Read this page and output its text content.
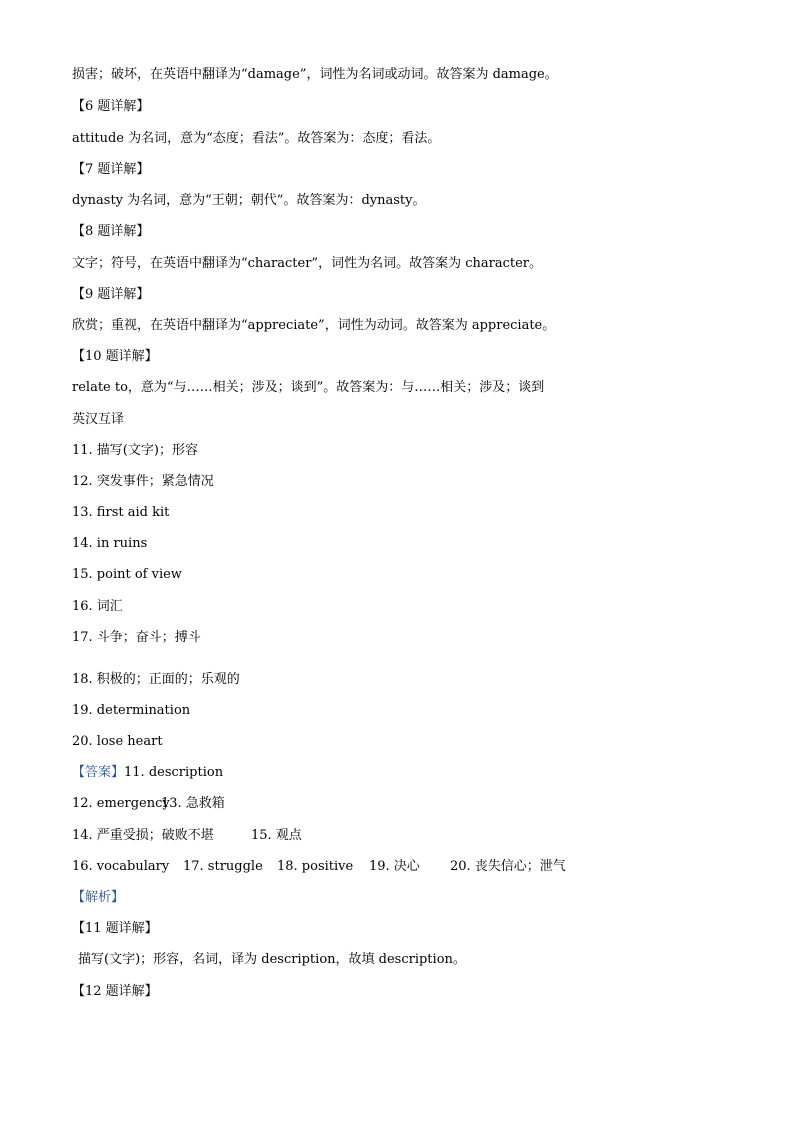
损害；破坏，在英语中翻译为“damage”，词性为名词或动词。故答案为 damage。
【6 题详解】
attitude 为名词，意为“态度；看法”。故答案为：态度；看法。
【7 题详解】
dynasty 为名词，意为“王朝；朝代”。故答案为：dynasty。
【8 题详解】
文字；符号，在英语中翻译为“character”，词性为名词。故答案为 character。
【9 题详解】
欣赏；重视，在英语中翻译为“appreciate”，词性为动词。故答案为 appreciate。
【10 题详解】
relate to，意为“与……相关；涉及；谈到”。故答案为：与……相关；涉及；谈到
英汉互译
11. 描写(文字)；形容
12. 突发事件；紧急情况
13. first aid kit
14. in ruins
15. point of view
16. 词汇
17. 斗争；奋斗；搏斗
18. 积极的；正面的；乐观的
19. determination
20. lose heart
【答案】11. description
12. emergency13. 急救箱
14. 严重受损；破败不堪	15. 观点
16. vocabulary 17. struggle 18. positive 19. 决心 20. 丧失信心；泄气
【解析】
【11 题详解】
描写(文字)；形容，名词，译为 description，故填 description。
【12 题详解】
